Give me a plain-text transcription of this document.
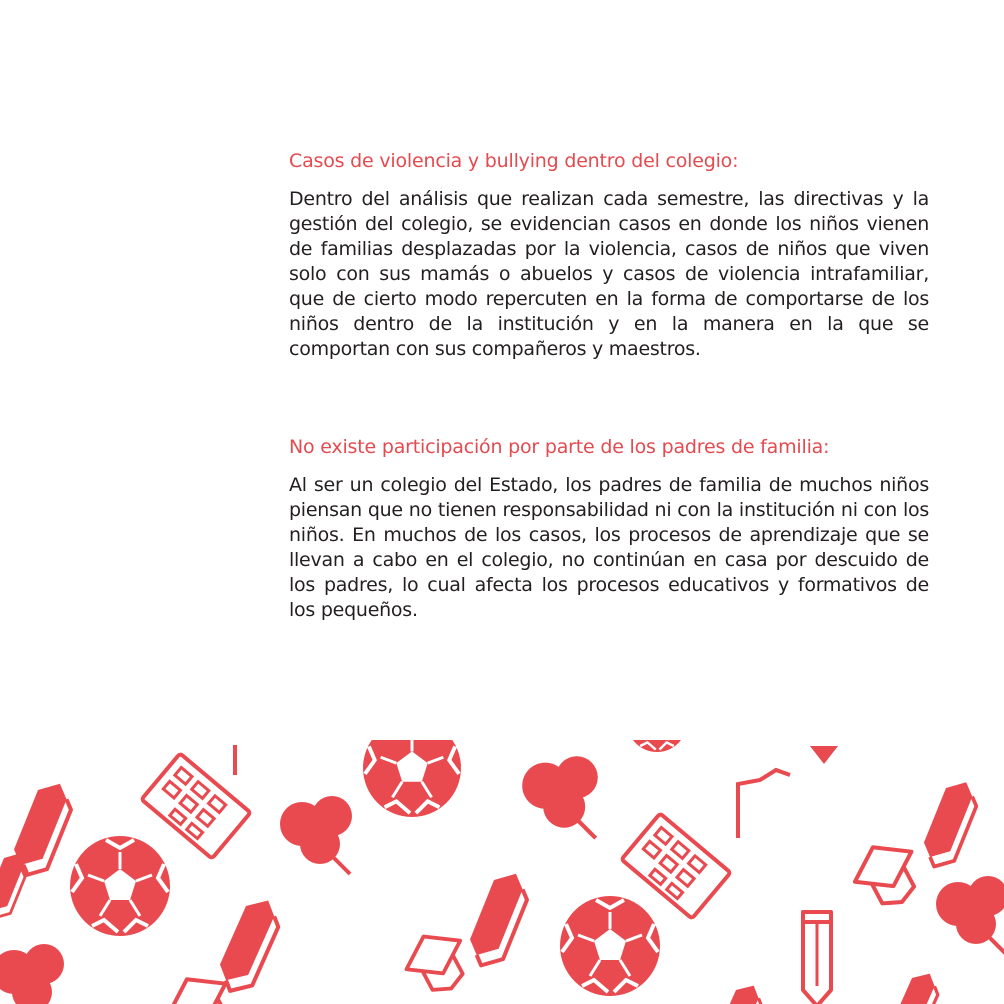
Casos de violencia y bullying dentro del colegio:

Dentro del análisis que realizan cada semestre, las directivas y la gestión del colegio, se evidencian casos en donde los niños vienen de familias desplazadas por la violencia, casos de niños que viven solo con sus mamás o abuelos y casos de violencia intrafamiliar, que de cierto modo repercuten en la forma de comportarse de los niños dentro de la institución y en la manera en la que se comportan con sus compañeros y maestros.

No existe participación por parte de los padres de familia:

Al ser un colegio del Estado, los padres de familia de muchos niños piensan que no tienen responsabilidad ni con la institución ni con los niños. En muchos de los casos, los procesos de aprendizaje que se llevan a cabo en el colegio, no continúan en casa por descuido de los padres, lo cual afecta los procesos educativos y formativos de los pequeños.
